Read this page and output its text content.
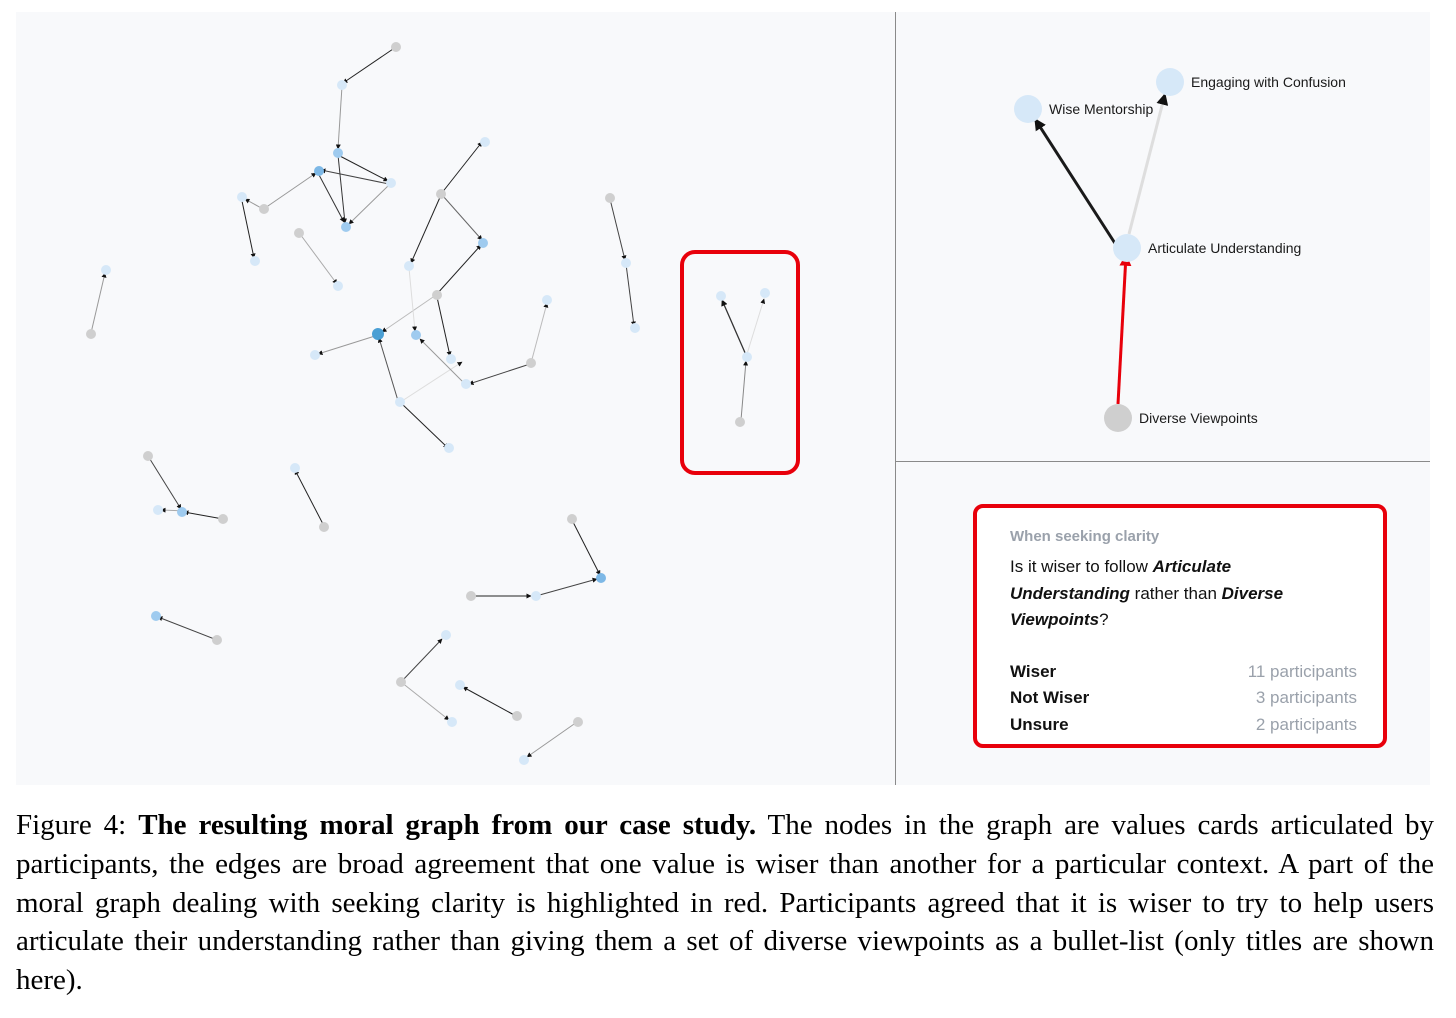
Wise Mentorship
Engaging with Confusion
Articulate Understanding
Diverse Viewpoints
When seeking clarity
Is it wiser to follow Articulate Understanding rather than Diverse Viewpoints?
Wiser	11 participants
Not Wiser	3 participants
Unsure	2 participants
Figure 4: The resulting moral graph from our case study. The nodes in the graph are values cards articulated by participants, the edges are broad agreement that one value is wiser than another for a particular context. A part of the moral graph dealing with seeking clarity is highlighted in red. Participants agreed that it is wiser to try to help users articulate their understanding rather than giving them a set of diverse viewpoints as a bullet-list (only titles are shown here).
